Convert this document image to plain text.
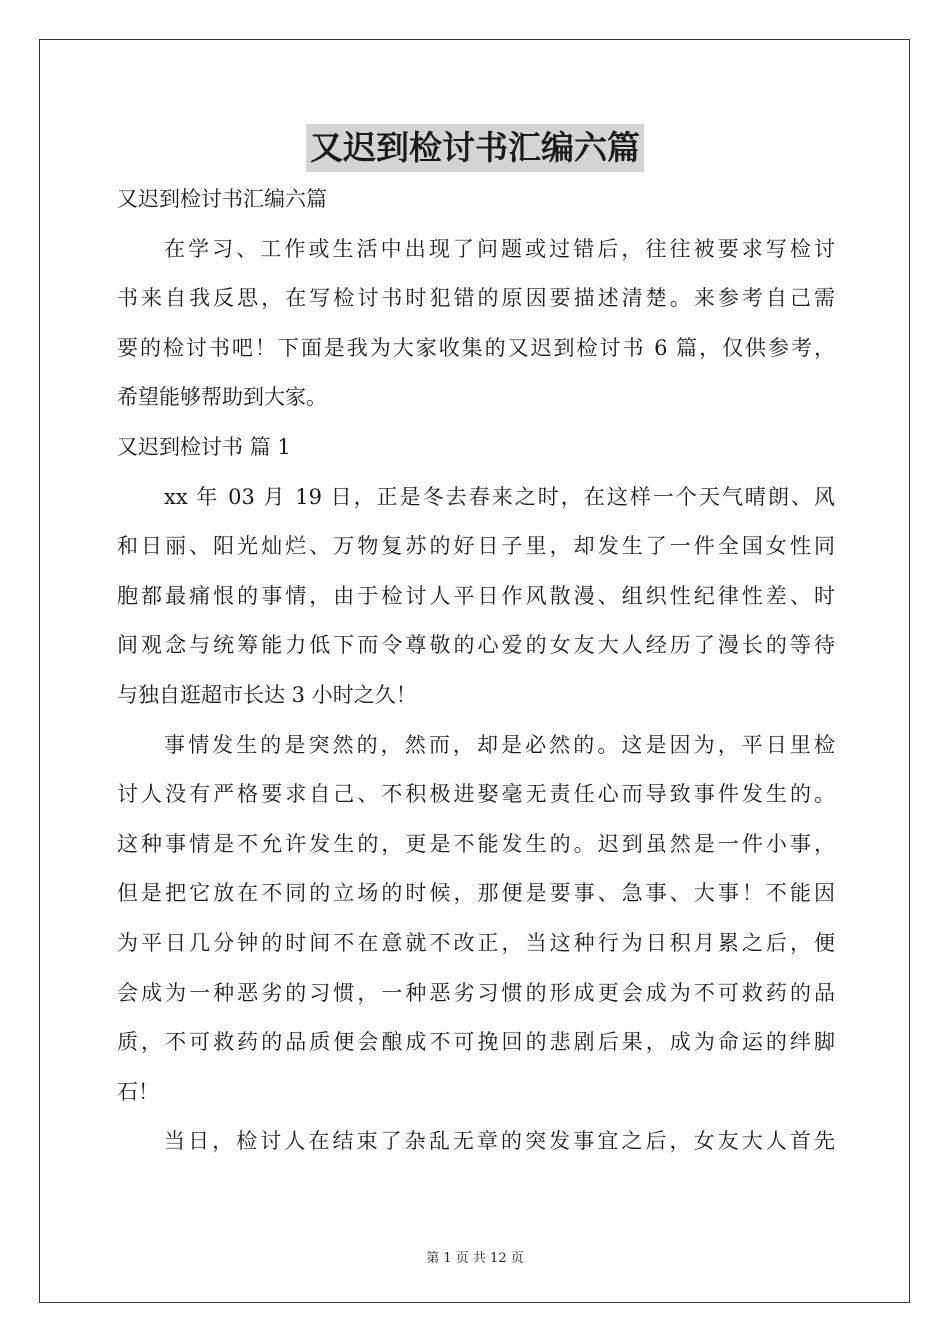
又迟到检讨书汇编六篇
又迟到检讨书汇编六篇
在学习、工作或生活中出现了问题或过错后，往往被要求写检讨
书来自我反思，在写检讨书时犯错的原因要描述清楚。来参考自己需
要的检讨书吧！下面是我为大家收集的又迟到检讨书 6 篇，仅供参考，
希望能够帮助到大家。
又迟到检讨书 篇 1
xx 年 03 月 19 日，正是冬去春来之时，在这样一个天气晴朗、风
和日丽、阳光灿烂、万物复苏的好日子里，却发生了一件全国女性同
胞都最痛恨的事情，由于检讨人平日作风散漫、组织性纪律性差、时
间观念与统筹能力低下而令尊敬的心爱的女友大人经历了漫长的等待
与独自逛超市长达 3 小时之久！
事情发生的是突然的，然而，却是必然的。这是因为，平日里检
讨人没有严格要求自己、不积极进娶毫无责任心而导致事件发生的。
这种事情是不允许发生的，更是不能发生的。迟到虽然是一件小事，
但是把它放在不同的立场的时候，那便是要事、急事、大事！不能因
为平日几分钟的时间不在意就不改正，当这种行为日积月累之后，便
会成为一种恶劣的习惯，一种恶劣习惯的形成更会成为不可救药的品
质，不可救药的品质便会酿成不可挽回的悲剧后果，成为命运的绊脚
石！
当日，检讨人在结束了杂乱无章的突发事宜之后，女友大人首先
第 1 页 共 12 页
